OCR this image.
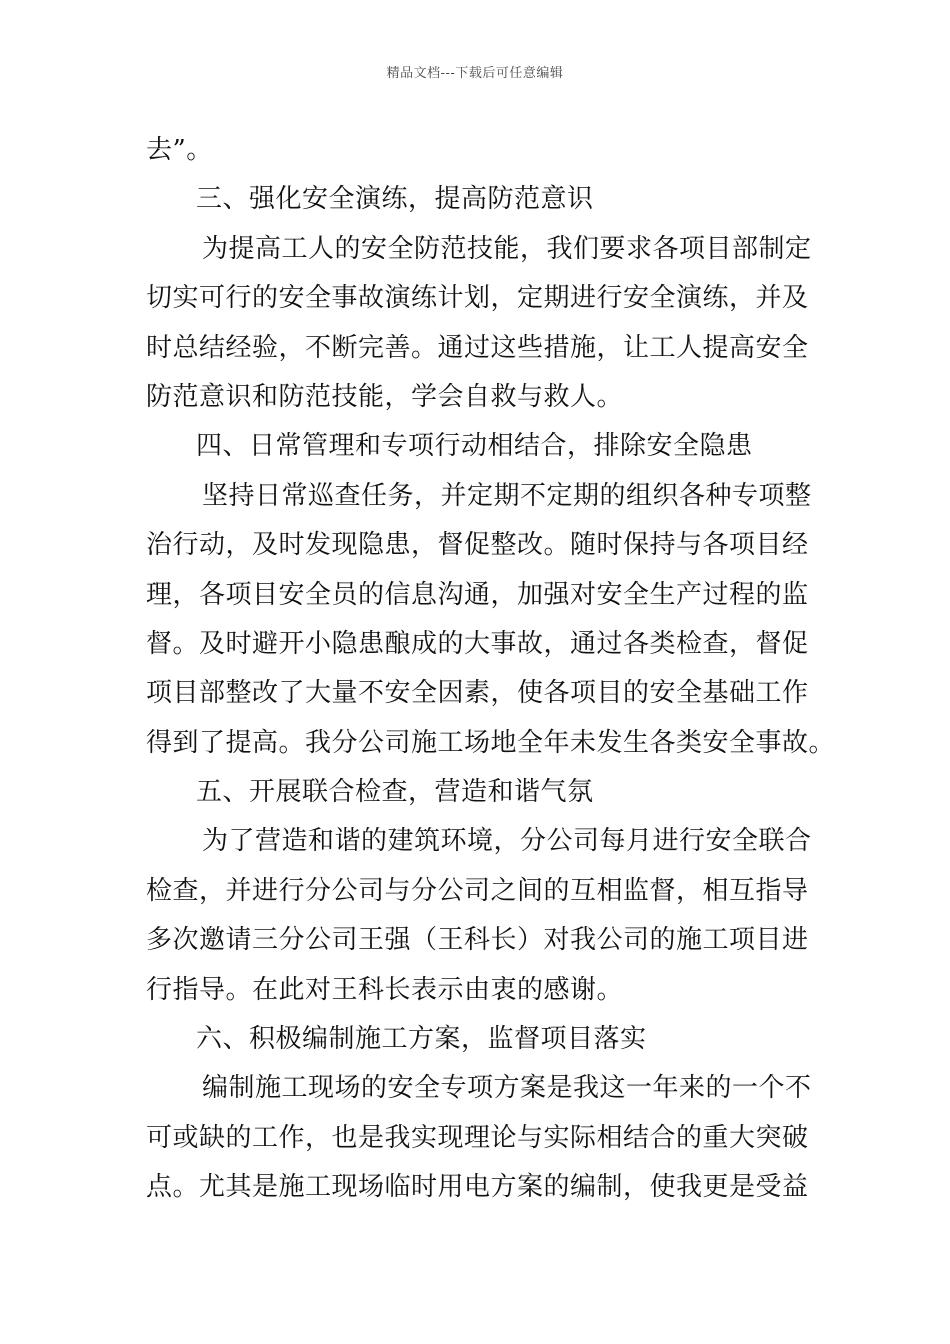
精品文档---下载后可任意编辑
去”。
三、强化安全演练，提高防范意识
为提高工人的安全防范技能，我们要求各项目部制定
切实可行的安全事故演练计划，定期进行安全演练，并及
时总结经验，不断完善。通过这些措施，让工人提高安全
防范意识和防范技能，学会自救与救人。
四、日常管理和专项行动相结合，排除安全隐患
坚持日常巡查任务，并定期不定期的组织各种专项整
治行动，及时发现隐患，督促整改。随时保持与各项目经
理，各项目安全员的信息沟通，加强对安全生产过程的监
督。及时避开小隐患酿成的大事故，通过各类检查，督促
项目部整改了大量不安全因素，使各项目的安全基础工作
得到了提高。我分公司施工场地全年未发生各类安全事故。
五、开展联合检查，营造和谐气氛
为了营造和谐的建筑环境，分公司每月进行安全联合
检查，并进行分公司与分公司之间的互相监督，相互指导
多次邀请三分公司王强（王科长）对我公司的施工项目进
行指导。在此对王科长表示由衷的感谢。
六、积极编制施工方案，监督项目落实
编制施工现场的安全专项方案是我这一年来的一个不
可或缺的工作，也是我实现理论与实际相结合的重大突破
点。尤其是施工现场临时用电方案的编制，使我更是受益
